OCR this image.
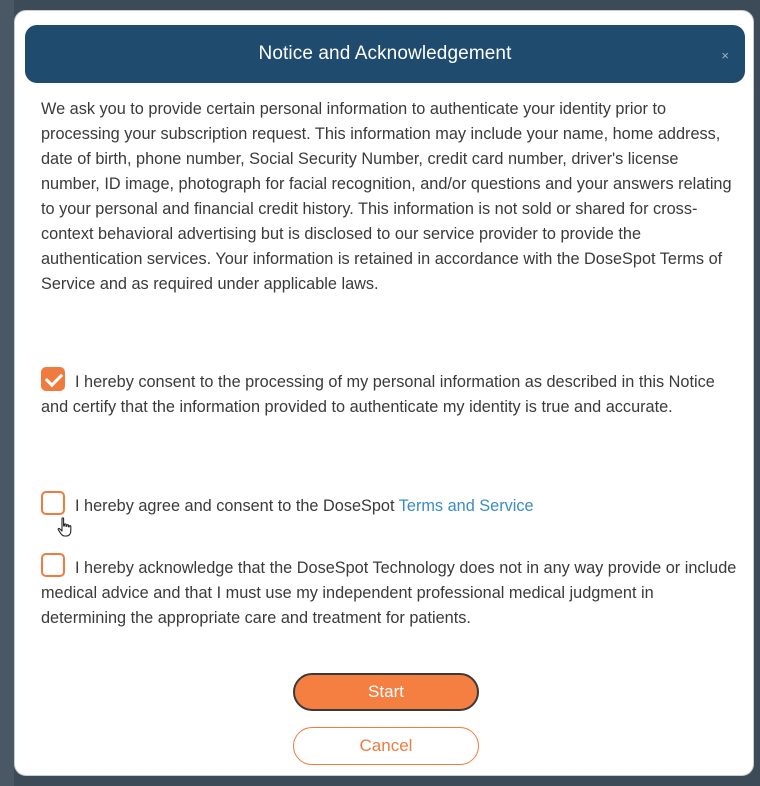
Notice and Acknowledgement	×

We ask you to provide certain personal information to authenticate your identity prior to processing your subscription request. This information may include your name, home address, date of birth, phone number, Social Security Number, credit card number, driver's license number, ID image, photograph for facial recognition, and/or questions and your answers relating to your personal and financial credit history. This information is not sold or shared for cross-context behavioral advertising but is disclosed to our service provider to provide the authentication services. Your information is retained in accordance with the DoseSpot Terms of Service and as required under applicable laws.

I hereby consent to the processing of my personal information as described in this Notice and certify that the information provided to authenticate my identity is true and accurate.
I hereby agree and consent to the DoseSpot Terms and Service
I hereby acknowledge that the DoseSpot Technology does not in any way provide or include medical advice and that I must use my independent professional medical judgment in determining the appropriate care and treatment for patients.
Start
Cancel
